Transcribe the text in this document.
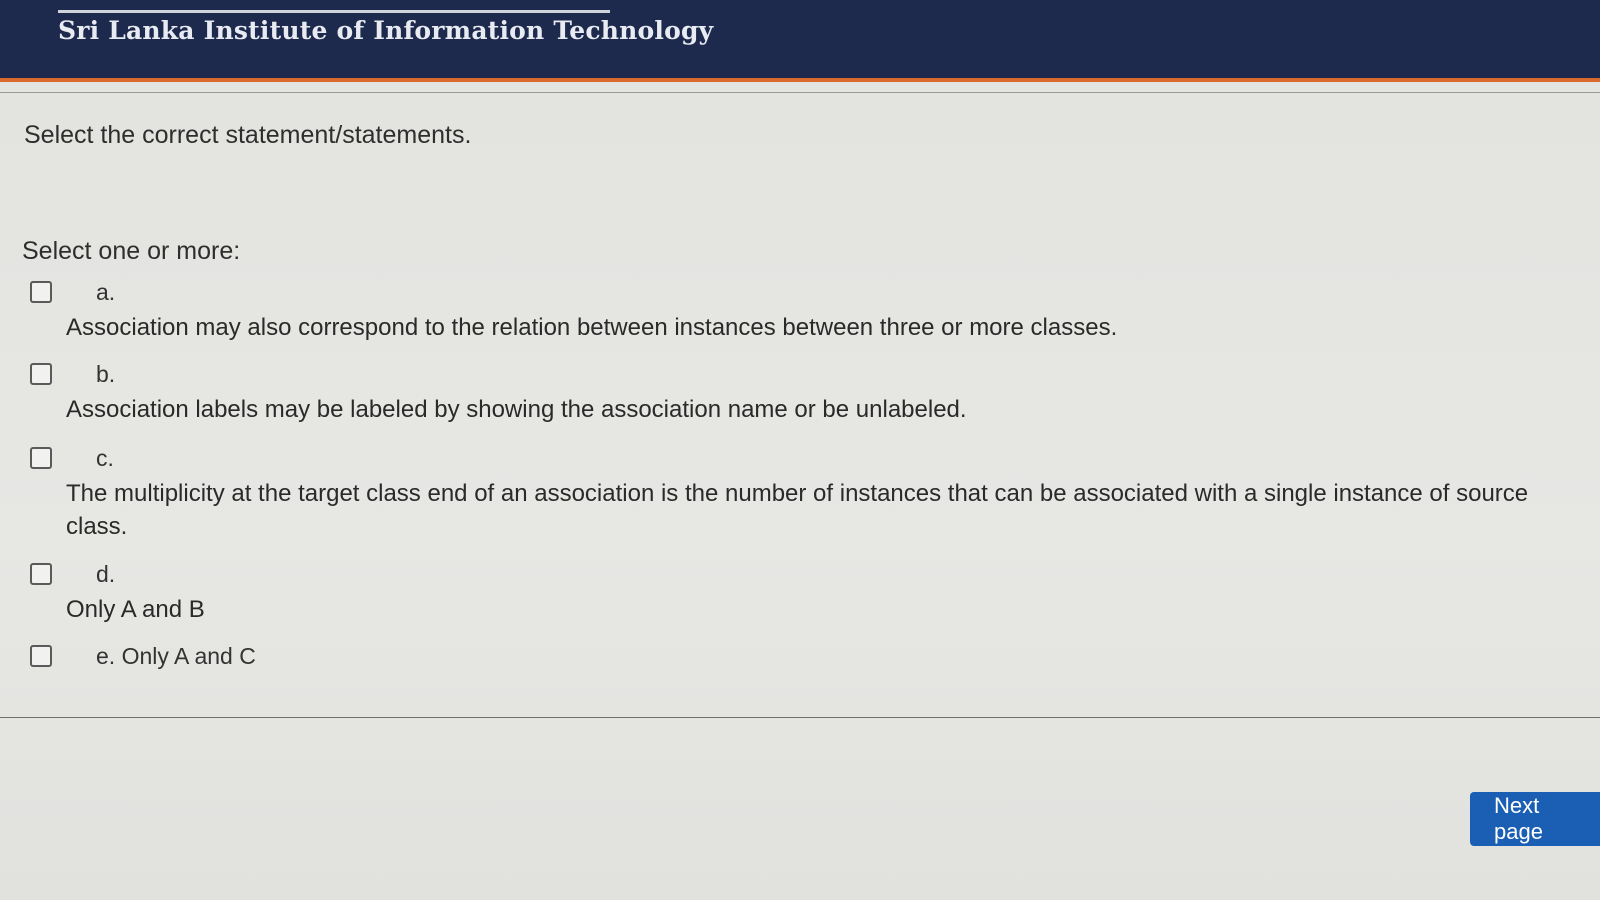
Sri Lanka Institute of Information Technology
Select the correct statement/statements.
Select one or more:
a.
Association may also correspond to the relation between instances between three or more classes.
b.
Association labels may be labeled by showing the association name or be unlabeled.
c.
The multiplicity at the target class end of an association is the number of instances that can be associated with a single instance of source class.
d.
Only A and B
e. Only A and C
Next page
